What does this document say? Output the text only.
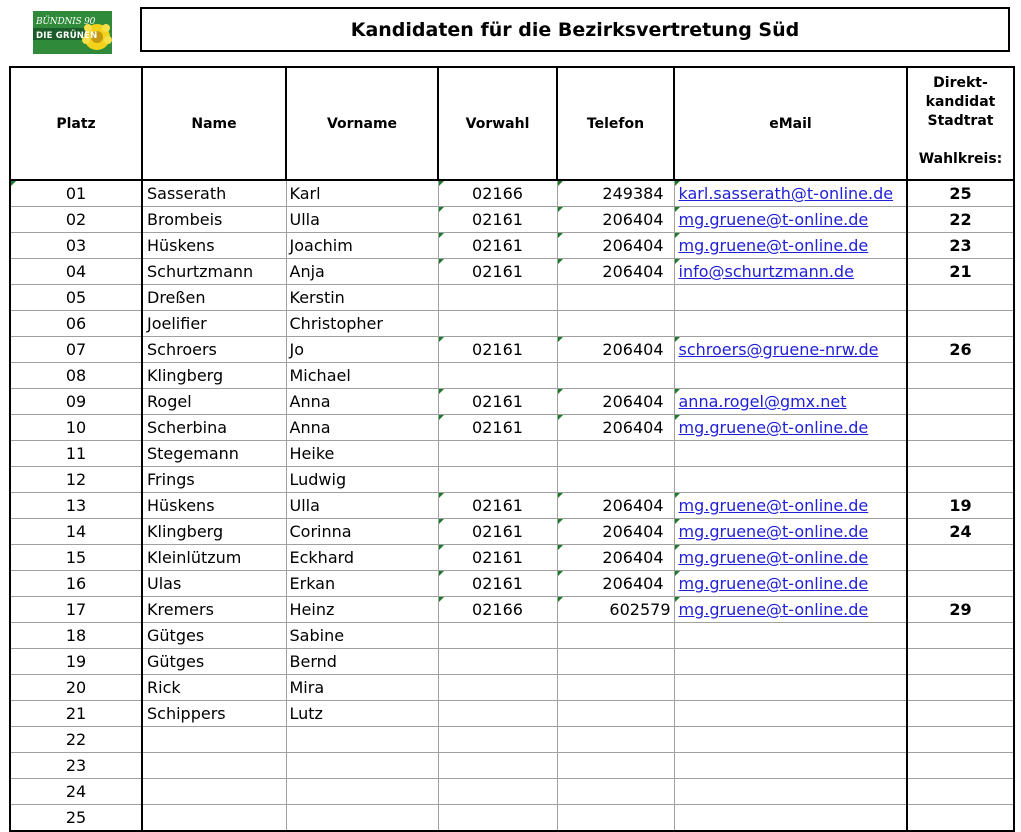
BÜNDNIS 90
DIE GRÜNEN	Kandidaten für die Bezirksvertretung Süd
Platz	Name	Vorname	Vorwahl	Telefon	eMail	Direkt-
kandidat
Stadtrat
Wahlkreis:

01	Sasserath	Karl	02166	249384	karl.sasserath@t-online.de	25
02	Brombeis	Ulla	02161	206404	mg.gruene@t-online.de	22
03	Hüskens	Joachim	02161	206404	mg.gruene@t-online.de	23
04	Schurtzmann	Anja	02161	206404	info@schurtzmann.de	21
05	Dreßen	Kerstin				
06	Joelifier	Christopher				
07	Schroers	Jo	02161	206404	schroers@gruene-nrw.de	26
08	Klingberg	Michael				
09	Rogel	Anna	02161	206404	anna.rogel@gmx.net

10	Scherbina	Anna	02161	206404	mg.gruene@t-online.de

11	Stegemann	Heike				
12	Frings	Ludwig				
13	Hüskens	Ulla	02161	206404	mg.gruene@t-online.de	19
14	Klingberg	Corinna	02161	206404	mg.gruene@t-online.de	24
15	Kleinlützum	Eckhard	02161	206404	mg.gruene@t-online.de

16	Ulas	Erkan	02161	206404	mg.gruene@t-online.de

17	Kremers	Heinz	02166	602579	mg.gruene@t-online.de	29
18	Gütges	Sabine				
19	Gütges	Bernd				
20	Rick	Mira				
21	Schippers	Lutz				
22						
23						
24						
25						
